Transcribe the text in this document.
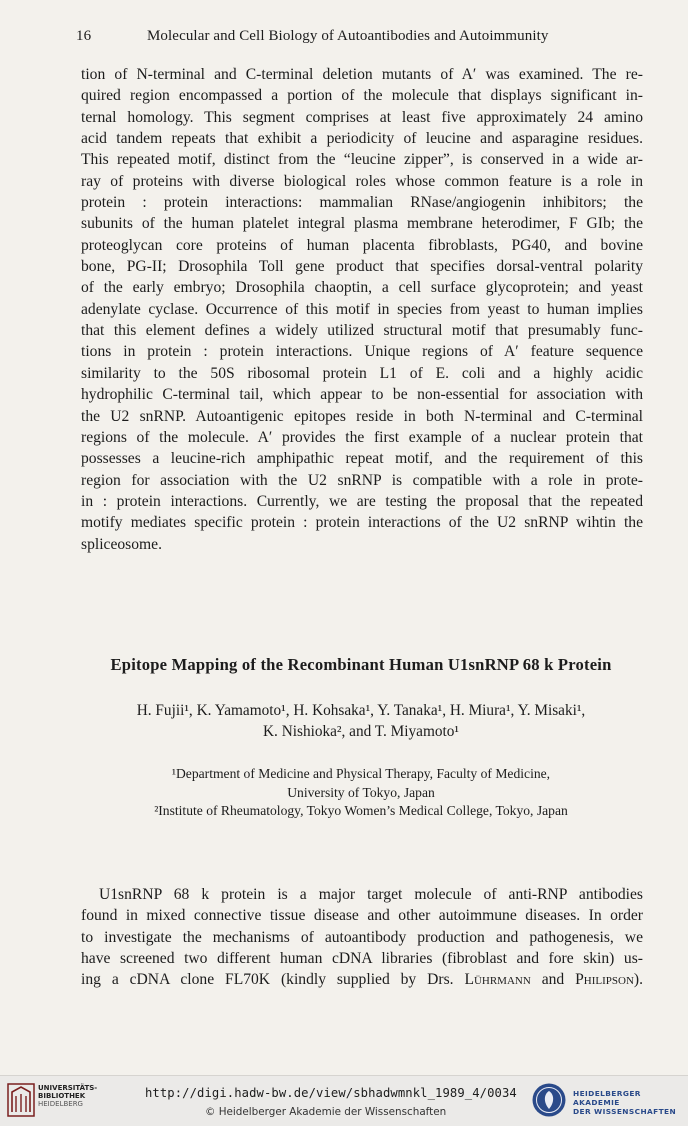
16	Molecular and Cell Biology of Autoantibodies and Autoimmunity
tion of N-terminal and C-terminal deletion mutants of A′ was examined. The re-
quired region encompassed a portion of the molecule that displays significant in-
ternal homology. This segment comprises at least five approximately 24 amino
acid tandem repeats that exhibit a periodicity of leucine and asparagine residues.
This repeated motif, distinct from the “leucine zipper”, is conserved in a wide ar-
ray of proteins with diverse biological roles whose common feature is a role in
protein : protein interactions: mammalian RNase/angiogenin inhibitors; the
subunits of the human platelet integral plasma membrane heterodimer, F GIb; the
proteoglycan core proteins of human placenta fibroblasts, PG40, and bovine
bone, PG-II; Drosophila Toll gene product that specifies dorsal-ventral polarity
of the early embryo; Drosophila chaoptin, a cell surface glycoprotein; and yeast
adenylate cyclase. Occurrence of this motif in species from yeast to human implies
that this element defines a widely utilized structural motif that presumably func-
tions in protein : protein interactions. Unique regions of A′ feature sequence
similarity to the 50S ribosomal protein L1 of E. coli and a highly acidic
hydrophilic C-terminal tail, which appear to be non-essential for association with
the U2 snRNP. Autoantigenic epitopes reside in both N-terminal and C-terminal
regions of the molecule. A′ provides the first example of a nuclear protein that
possesses a leucine-rich amphipathic repeat motif, and the requirement of this
region for association with the U2 snRNP is compatible with a role in prote-
in : protein interactions. Currently, we are testing the proposal that the repeated
motify mediates specific protein : protein interactions of the U2 snRNP wihtin the
spliceosome.
Epitope Mapping of the Recombinant Human U1snRNP 68 k Protein
H. Fujii¹, K. Yamamoto¹, H. Kohsaka¹, Y. Tanaka¹, H. Miura¹, Y. Misaki¹,
K. Nishioka², and T. Miyamoto¹
¹Department of Medicine and Physical Therapy, Faculty of Medicine,
University of Tokyo, Japan
²Institute of Rheumatology, Tokyo Women’s Medical College, Tokyo, Japan
U1snRNP 68 k protein is a major target molecule of anti-RNP antibodies
found in mixed connective tissue disease and other autoimmune diseases. In order
to investigate the mechanisms of autoantibody production and pathogenesis, we
have screened two different human cDNA libraries (fibroblast and fore skin) us-
ing a cDNA clone FL70K (kindly supplied by Drs. Lührmann and Philipson).
UNIVERSITÄTS-
BIBLIOTHEK
HEIDELBERG
http://digi.hadw-bw.de/view/sbhadwmnkl_1989_4/0034
© Heidelberger Akademie der Wissenschaften
HEIDELBERGER AKADEMIE
DER WISSENSCHAFTEN
